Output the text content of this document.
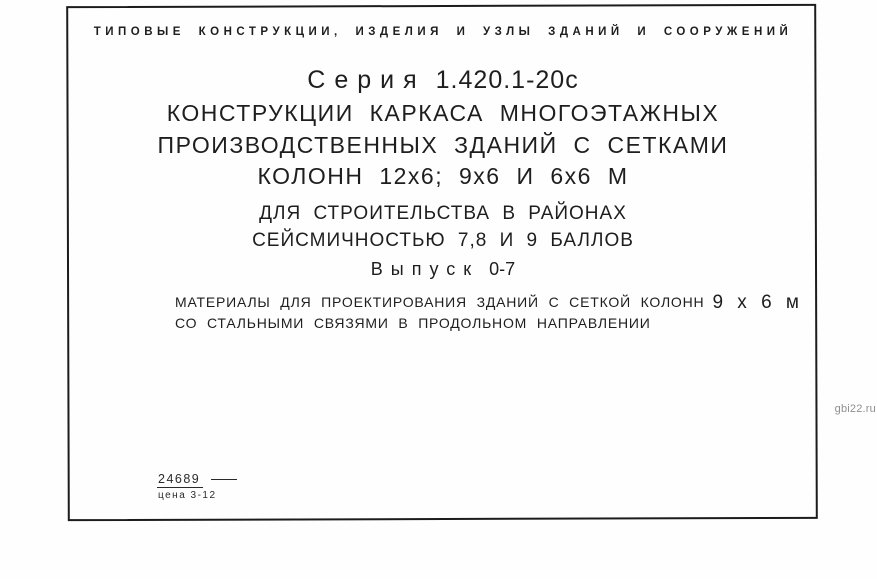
ТИПОВЫЕ КОНСТРУКЦИИ, ИЗДЕЛИЯ И УЗЛЫ ЗДАНИЙ И СООРУЖЕНИЙ
Серия 1.420.1-20с
КОНСТРУКЦИИ КАРКАСА МНОГОЭТАЖНЫХ
ПРОИЗВОДСТВЕННЫХ ЗДАНИЙ С СЕТКАМИ
КОЛОНН 12х6; 9х6 И 6х6 М
ДЛЯ СТРОИТЕЛЬСТВА В РАЙОНАХ
СЕЙСМИЧНОСТЬЮ 7,8 И 9 БАЛЛОВ
Выпуск 0-7
МАТЕРИАЛЫ ДЛЯ ПРОЕКТИРОВАНИЯ ЗДАНИЙ С СЕТКОЙ КОЛОНН 9 х 6 м
СО СТАЛЬНЫМИ СВЯЗЯМИ В ПРОДОЛЬНОМ НАПРАВЛЕНИИ
24689
цена 3-12
gbi22.ru
